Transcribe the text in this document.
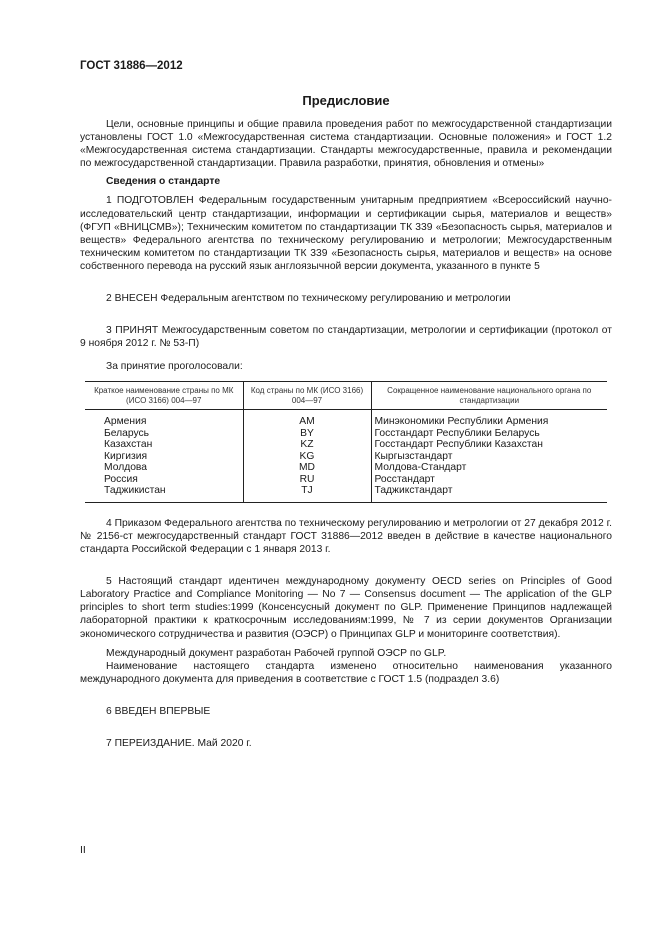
ГОСТ 31886—2012

Предисловие

Цели, основные принципы и общие правила проведения работ по межгосударственной стандартизации установлены ГОСТ 1.0 «Межгосударственная система стандартизации. Основные положения» и ГОСТ 1.2 «Межгосударственная система стандартизации. Стандарты межгосударственные, правила и рекомендации по межгосударственной стандартизации. Правила разработки, принятия, обновления и отмены»

Сведения о стандарте

1 ПОДГОТОВЛЕН Федеральным государственным унитарным предприятием «Всероссийский научно-исследовательский центр стандартизации, информации и сертификации сырья, материалов и веществ» (ФГУП «ВНИЦСМВ»); Техническим комитетом по стандартизации ТК 339 «Безопасность сырья, материалов и веществ» Федерального агентства по техническому регулированию и метрологии; Межгосударственным техническим комитетом по стандартизации ТК 339 «Безопасность сырья, материалов и веществ» на основе собственного перевода на русский язык англоязычной версии документа, указанного в пункте 5

2 ВНЕСЕН Федеральным агентством по техническому регулированию и метрологии

3 ПРИНЯТ Межгосударственным советом по стандартизации, метрологии и сертификации (протокол от 9 ноября 2012 г. № 53-П)

За принятие проголосовали:

Краткое наименование страны по МК (ИСО 3166) 004—97	Код страны по МК (ИСО 3166) 004—97	Сокращенное наименование национального органа по стандартизации
Армения	AM	Минэкономики Республики Армения
Беларусь	BY	Госстандарт Республики Беларусь
Казахстан	KZ	Госстандарт Республики Казахстан
Киргизия	KG	Кыргызстандарт
Молдова	MD	Молдова-Стандарт
Россия	RU	Росстандарт
Таджикистан	TJ	Таджикстандарт

4 Приказом Федерального агентства по техническому регулированию и метрологии от 27 декабря 2012 г. № 2156-ст межгосударственный стандарт ГОСТ 31886—2012 введен в действие в качестве национального стандарта Российской Федерации с 1 января 2013 г.

5 Настоящий стандарт идентичен международному документу OECD series on Principles of Good Laboratory Practice and Compliance Monitoring — No 7 — Consensus document — The application of the GLP principles to short term studies:1999 (Консенсусный документ по GLP. Применение Принципов надлежащей лабораторной практики к краткосрочным исследованиям:1999, № 7 из серии документов Организации экономического сотрудничества и развития (ОЭСР) о Принципах GLP и мониторинге соответствия).

Международный документ разработан Рабочей группой ОЭСР по GLP.

Наименование настоящего стандарта изменено относительно наименования указанного международного документа для приведения в соответствие с ГОСТ 1.5 (подраздел 3.6)

6 ВВЕДЕН ВПЕРВЫЕ

7 ПЕРЕИЗДАНИЕ. Май 2020 г.

II
